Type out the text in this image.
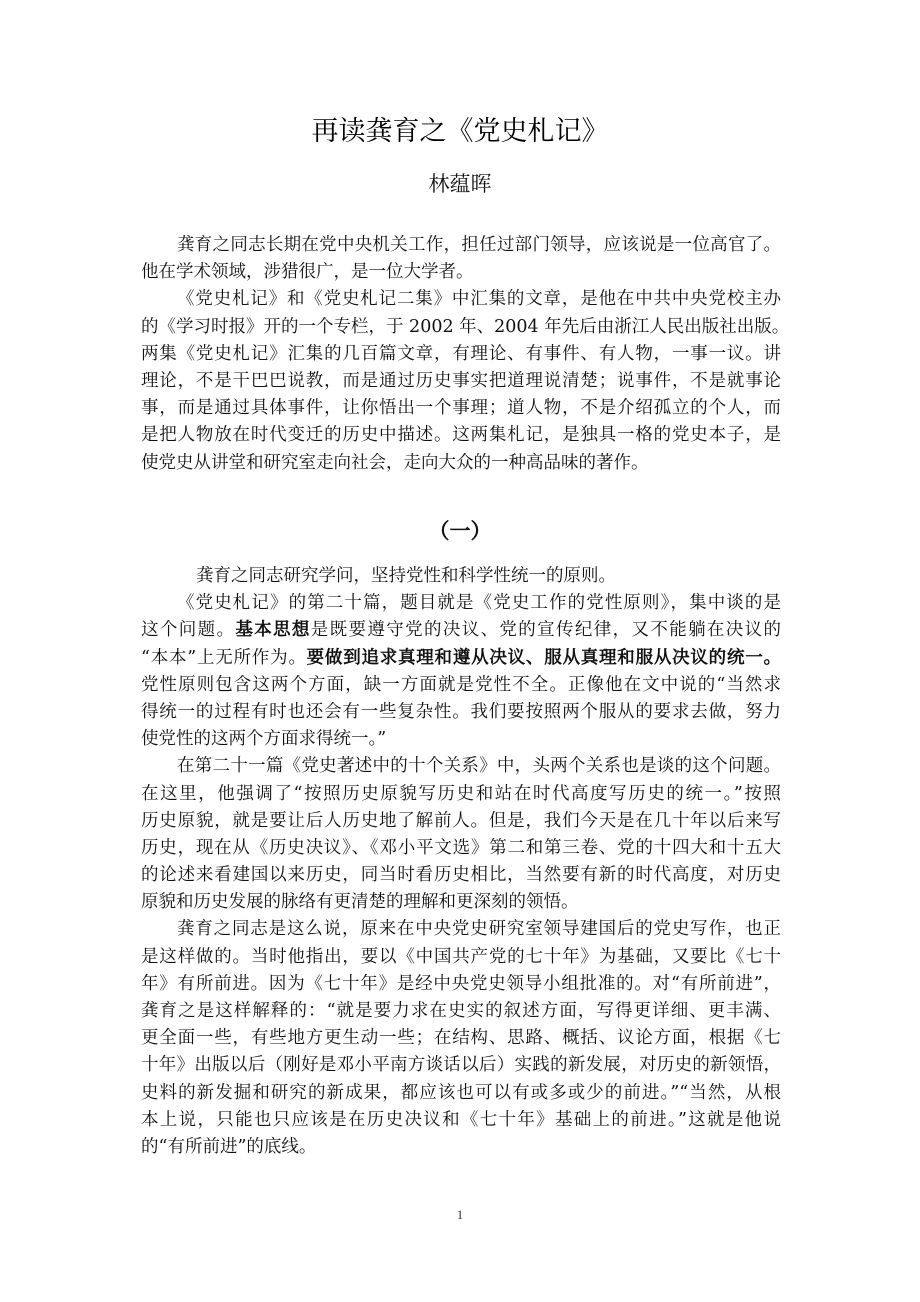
再读龚育之《党史札记》
林蕴晖
龚育之同志长期在党中央机关工作，担任过部门领导，应该说是一位高官了。
他在学术领域，涉猎很广，是一位大学者。
《党史札记》和《党史札记二集》中汇集的文章，是他在中共中央党校主办
的《学习时报》开的一个专栏，于 2002 年、2004 年先后由浙江人民出版社出版。
两集《党史札记》汇集的几百篇文章，有理论、有事件、有人物，一事一议。讲
理论，不是干巴巴说教，而是通过历史事实把道理说清楚；说事件，不是就事论
事，而是通过具体事件，让你悟出一个事理；道人物，不是介绍孤立的个人，而
是把人物放在时代变迁的历史中描述。这两集札记，是独具一格的党史本子，是
使党史从讲堂和研究室走向社会，走向大众的一种高品味的著作。
（一）
龚育之同志研究学问，坚持党性和科学性统一的原则。
《党史札记》的第二十篇，题目就是《党史工作的党性原则》，集中谈的是
这个问题。基本思想是既要遵守党的决议、党的宣传纪律，又不能躺在决议的
“本本”上无所作为。要做到追求真理和遵从决议、服从真理和服从决议的统一。
党性原则包含这两个方面，缺一方面就是党性不全。正像他在文中说的“当然求
得统一的过程有时也还会有一些复杂性。我们要按照两个服从的要求去做，努力
使党性的这两个方面求得统一。”
在第二十一篇《党史著述中的十个关系》中，头两个关系也是谈的这个问题。
在这里，他强调了“按照历史原貌写历史和站在时代高度写历史的统一。”按照
历史原貌，就是要让后人历史地了解前人。但是，我们今天是在几十年以后来写
历史，现在从《历史决议》、《邓小平文选》第二和第三卷、党的十四大和十五大
的论述来看建国以来历史，同当时看历史相比，当然要有新的时代高度，对历史
原貌和历史发展的脉络有更清楚的理解和更深刻的领悟。
龚育之同志是这么说，原来在中央党史研究室领导建国后的党史写作，也正
是这样做的。当时他指出，要以《中国共产党的七十年》为基础，又要比《七十
年》有所前进。因为《七十年》是经中央党史领导小组批准的。对“有所前进”，
龚育之是这样解释的：“就是要力求在史实的叙述方面，写得更详细、更丰满、
更全面一些，有些地方更生动一些；在结构、思路、概括、议论方面，根据《七
十年》出版以后（刚好是邓小平南方谈话以后）实践的新发展，对历史的新领悟，
史料的新发掘和研究的新成果，都应该也可以有或多或少的前进。”“当然，从根
本上说，只能也只应该是在历史决议和《七十年》基础上的前进。”这就是他说
的“有所前进”的底线。
1
